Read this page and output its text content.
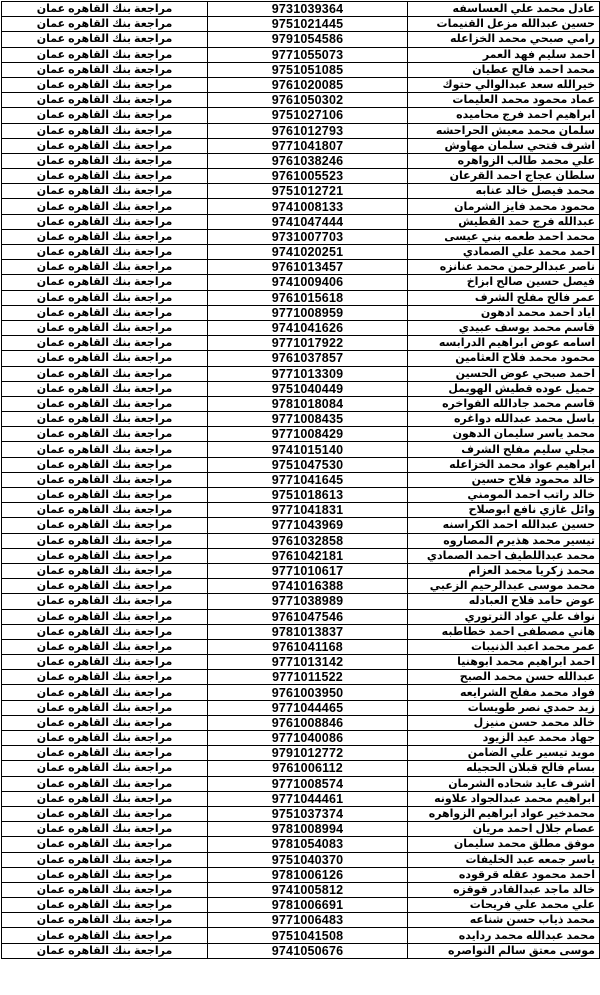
عادل محمد علي العساسفه	9731039364	مراجعة بنك القاهره عمان
حسين عبدالله مزعل القنيمات	9751021445	مراجعة بنك القاهره عمان
رامي صبحي محمد الخزاعله	9791054586	مراجعة بنك القاهره عمان
احمد سليم فهد العمر	9771055073	مراجعة بنك القاهره عمان
محمد احمد فالح عطيان	9751051085	مراجعة بنك القاهره عمان
خيرالله سعد عبدالوالي حتوك	9761020085	مراجعة بنك القاهره عمان
عماد محمود محمد العليمات	9761050302	مراجعة بنك القاهره عمان
ابراهيم احمد فرج محاميده	9751027106	مراجعة بنك القاهره عمان
سلمان محمد معيش الحراحشه	9761012793	مراجعة بنك القاهره عمان
اشرف فتحي سلمان مهاوش	9771041807	مراجعة بنك القاهره عمان
علي محمد طالب الزواهره	9761038246	مراجعة بنك القاهره عمان
سلطان عجاج احمد القرعان	9761005523	مراجعة بنك القاهره عمان
محمد فيصل خالد عنابه	9751012721	مراجعة بنك القاهره عمان
محمود محمد فايز الشرمان	9741008133	مراجعة بنك القاهره عمان
عبدالله فرج حمد القطيش	9741047444	مراجعة بنك القاهره عمان
محمد احمد طعمه بني عيسى	9731007703	مراجعة بنك القاهره عمان
احمد محمد علي الصمادي	9741020251	مراجعة بنك القاهره عمان
ناصر عبدالرحمن محمد عنانزه	9761013457	مراجعة بنك القاهره عمان
فيصل حسين صالح ابزاخ	9741009406	مراجعة بنك القاهره عمان
عمر فالح مفلح الشرف	9761015618	مراجعة بنك القاهره عمان
اياد احمد محمد ادهون	9771008959	مراجعة بنك القاهره عمان
قاسم محمد يوسف عبيدي	9741041626	مراجعة بنك القاهره عمان
اسامه عوض ابراهيم الدرابسه	9771017922	مراجعة بنك القاهره عمان
محمود محمد فلاح العثامين	9761037857	مراجعة بنك القاهره عمان
احمد صبحي عوض الحسين	9771013309	مراجعة بنك القاهره عمان
جميل عوده قطيش الهويمل	9751040449	مراجعة بنك القاهره عمان
قاسم محمد جادالله الفواخره	9781018084	مراجعة بنك القاهره عمان
باسل محمد عبدالله دواغره	9771008435	مراجعة بنك القاهره عمان
محمد ياسر سليمان الدهون	9771008429	مراجعة بنك القاهره عمان
مجلي سليم مفلح الشرف	9741015140	مراجعة بنك القاهره عمان
ابراهيم عواد محمد الخزاعله	9751047530	مراجعة بنك القاهره عمان
خالد محمود فلاح حسين	9771041645	مراجعة بنك القاهره عمان
خالد راتب احمد المومني	9751018613	مراجعة بنك القاهره عمان
وائل غازي نافع ابوصلاح	9771041831	مراجعة بنك القاهره عمان
حسين عبدالله احمد الكراسنه	9771043969	مراجعة بنك القاهره عمان
تيسير محمد هذيرم المصاروه	9761032858	مراجعة بنك القاهره عمان
محمد عبداللطيف احمد الصمادي	9761042181	مراجعة بنك القاهره عمان
محمد زكريا محمد العزام	9771010617	مراجعة بنك القاهره عمان
محمد موسى عبدالرحيم الزعبي	9741016388	مراجعة بنك القاهره عمان
عوض حامد فلاح العبادله	9771038989	مراجعة بنك القاهره عمان
نواف علي عواد الترتوري	9761047546	مراجعة بنك القاهره عمان
هاني مصطفى احمد خطاطبه	9781013837	مراجعة بنك القاهره عمان
عمر محمد اعبد الذنيبات	9761041168	مراجعة بنك القاهره عمان
احمد ابراهيم محمد ابوهنيا	9771013142	مراجعة بنك القاهره عمان
عبدالله حسن محمد الصبح	9771011522	مراجعة بنك القاهره عمان
فواد محمد مفلح الشرايعه	9761003950	مراجعة بنك القاهره عمان
زيد حمدي نصر طويسات	9771044465	مراجعة بنك القاهره عمان
خالد محمد حسن منيزل	9761008846	مراجعة بنك القاهره عمان
جهاد محمد عيد الزيود	9771040086	مراجعة بنك القاهره عمان
مويد تيسير علي الضامن	9791012772	مراجعة بنك القاهره عمان
بسام فالح قبلان الحجيله	9761006112	مراجعة بنك القاهره عمان
اشرف عايد شحاده الشرمان	9771008574	مراجعة بنك القاهره عمان
ابراهيم محمد عبدالجواد علاونه	9771044461	مراجعة بنك القاهره عمان
محمدخير عواد ابراهيم الزواهره	9751037374	مراجعة بنك القاهره عمان
عصام جلال احمد مريان	9781008994	مراجعة بنك القاهره عمان
موفق مطلق محمد سليمان	9781054083	مراجعة بنك القاهره عمان
ياسر جمعه عبد الخليفات	9751040370	مراجعة بنك القاهره عمان
احمد محمود عقله قرقوده	9781006126	مراجعة بنك القاهره عمان
خالد ماجد عبدالقادر قوقزه	9741005812	مراجعة بنك القاهره عمان
علي محمد علي فريحات	9781006691	مراجعة بنك القاهره عمان
محمد ذياب حسن شناعه	9771006483	مراجعة بنك القاهره عمان
محمد عبدالله محمد ردايده	9751041508	مراجعة بنك القاهره عمان
موسى معتق سالم النواصره	9741050676	مراجعة بنك القاهره عمان
